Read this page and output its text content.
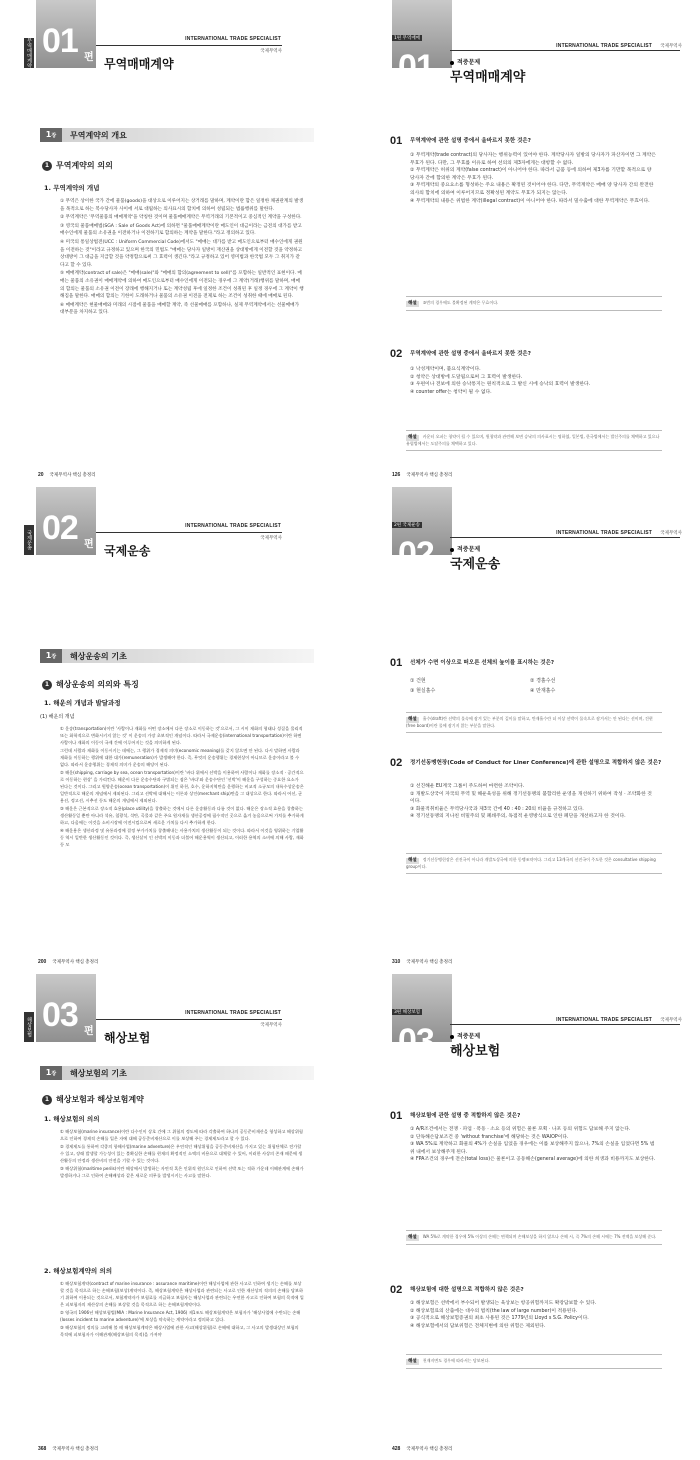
무역매매계약 01 편
INTERNATIONAL TRADE SPECIALIST
국제무역사
무역매매계약
1장	무역계약의 개요
1 무역계약의 의의
1. 무역계약의 개념

① 무역은 상이한 국가 간에 물품(goods)을 대상으로 이루어지는 상거래를 말하며, 계약이란 합은 일정한 채권관계의 발생을 목적으로 하는 복수당사자 사이에 서로 대립하는 의사표시의 합치에 의하여 성립되는 법률행위를 말한다.

② 무역계약은 '무역물품의 매매계약'을 약칭한 것이며 물품매매계약은 무역거래의 기본적이고 중심적인 계약을 구성한다.

③ 영국의 물품매매법(SGA : Sale of Goods Act)에 의하면 "물품매매계약이란 매도인이 대금이라는 금전의 대가를 받고 매수인에게 물품의 소유권을 이전하거나 이전하기로 합의하는 계약을 말한다."라고 정의하고 있다.

④ 미국의 통일상법전(UCC : Uniform Commercial Code)에서도 "매매는 대가를 받고 매도인으로부터 매수인에게 권원을 이전하는 것"이라고 규정하고 있으며 한국의 민법도 "매매는 당사자 일방이 재산권을 상대방에게 이전할 것을 약정하고 상대방이 그 대금을 지급할 것을 약정함으로써 그 효력이 생긴다."라고 규정하고 있어 영미법과 한국법 모두 그 취지가 같다고 할 수 있다.

⑤ 매매계약(contract of sale)은 "매매(sale)"와 "매매의 합의(agreement to sell)"를 포함하는 일반적인 표현이다. 매매는 물품의 소유권이 매매계약에 의하여 매도인으로부터 매수인에게 이전되는 경우에 그 계약(거래)행위를 말하며, 매매의 합의는 물품의 소유권 이전이 장래에 행해지거나 또는 계약성립 후에 일정한 조건이 성취된 후 일정 경우에 그 계약이 행해짐을 말한다. 매매의 합의는 기한이 도래하거나 물품의 소유권 이전을 전제로 하는 조건이 성취한 때에 매매로 된다.

⑥ 매매계약은 현물매매와 미래의 시점에 물품을 매매할 계약, 즉 선물매매를 포함하나, 실제 무역계약에서는 선물매매가 대부분을 차지하고 있다.

20 국제무역사 핵심 총정리
1편 무역매매
01 편
INTERNATIONAL TRADE SPECIALIST 국제무역사
적중문제
무역매매계약
01 무역계약에 관한 설명 중에서 올바르지 못한 것은?

① 무역계약(trade contract)의 당사자는 행위능력이 있어야 한다. 계약당사자 일방의 당사자가 파산자이면 그 계약은 무효가 된다. 다만, 그 무효를 이유로 하여 선의의 제3자에게는 대항할 수 없다.

② 무역계약은 허위의 계약(false contract)이 아니어야 한다. 따라서 금품 등에 의하여 제3자를 기만할 목적으로 양당사자 간에 합의한 계약은 무효가 된다.

③ 무역계약의 중요요소를 형성하는 주요 내용은 확정된 것이어야 한다. 다만, 무역계약은 매매 양 당사자 간의 완전한 의사의 합치에 의하여 이루어지므로 정확성된 계약도 무효가 되지는 않는다.

④ 무역계약의 내용은 위법한 계약(illegal contract)이 아니어야 한다. 따라서 밀수출에 대한 무역계약은 무효이다.

해설 ③번의 경우에도 불확정된 계약은 무효이다.
02 무역계약에 관한 설명 중에서 올바르지 못한 것은?

① 낙성계약이며, 불요식계약이다.

② 청약은 상대방에 도달됨으로써 그 효력이 발생한다.

③ 우편이나 전보에 의한 승낙통지는 원칙적으로 그 발신 시에 승낙의 효력이 발생한다.

④ counter offer는 청약이 될 수 없다.

해설 카운터 오퍼는 청약이 될 수 있으며, 원청약과 관련해 보면 승낙의 의사표시는 명하였, 일본법, 한국법에서는 발신주의를 채택하고 있으나 유럽법에서는 도달주의를 채택하고 있다.
126 국제무역사 핵심 총정리
국제운송 02 편
INTERNATIONAL TRADE SPECIALIST
국제무역사
국제운송
1장	해상운송의 기초
1 해상운송의 의의와 특징
1. 해운의 개념과 발달과정
(1) 해운의 개념

① 운송(transportation)이란 '사람이나 재화를 어떤 장소에서 다른 장소로 이동하는 것'으로서, 그 시이 재화의 형태나 성질을 물리적 또는 화학적으로 변화시키지 않는 것' 이 운송의 가장 초보적인 개념이다. 따라서 국제운송(international transportation)이란 하면 사람이나 재화의 이동이 국제 간에 이루어지는 것을 의미하게 된다.

그런데 사람과 재화를 이동시키는 데에는, 그 행위가 경제적 의미(economic meaning)를 갖지 않으면 안 된다. 다시 말하면 사람과 재화를 이동하는 행위에 대한 대가(remuneration)가 발생해야 한다. 즉, 무엇의 운송행위는 경제현상이 아니므로 운송이라고 볼 수 없다. 따라서 운송행위는 경제적 의미가 운송의 해당이 된다.

② 해운(shipping, carriage by sea, ocean transportation)이란 '바다 위에서 선박을 이용하여 사람이나 재화를 장소적 · 공간적으로 이동하는 현상' 을 가리킨다. 해운이 다른 운송수단과 구별되는 점은 '바다'와 운송수단인 '선박'이 해운을 구성하는 중요한 요소가 된다는 것이다. 그리고 원양운송(ocean transportation)이 위인 하천, 호수, 운하지역만을 운행하는 비교적 소규모의 내륙수상운송은 일반적으로 해운의 개념에서 제외된다. 그리고 선박에 대해서는 이론과 상인(merchant ship)만을 그 대상으로 한다. 따라서 어선, 군용선, 정고선, 시추선 등도 해운의 개념에서 제외된다.

③ 해운은 근본적으로 장소적 효용(place utility)을 창출하는 것에서 다른 운송활동과 다름 것이 없다. 해운은 장소적 효용을 창출하는 생산활동일 뿐만 아니라 석유, 철광석, 석탄, 곡물과 같은 주요 원자재를 생산공정에 필수적인 곳으로 옮겨 놓음으로써 가치를 추가하게 하고, 다음에는 이것을 소비시장에 이전시킴으로써 새로운 가치를 다시 추가하게 한다.

④ 해운용은 생산과정 및 유통과정에 결정 부가가치를 창출해내는 사용가치의 생산활동이 되는 것이다. 따라서 이것을 영위하는 기업활동 역시 일반한 생산활동인 것이다. 즉, 생산살이 인 선박의 이동과 더불어 해운용역이 생산되고, 이러한 용역의 소비에 의해 사람, 재화 등 모

200 국제무역사 핵심 총정리
2편 국제운송
02 편
INTERNATIONAL TRADE SPECIALIST 국제무역사
적중문제
국제운송
01 선체가 수면 이상으로 떠오른 선체의 높이를 표시하는 것은?
① 건현	② 경흘수선
③ 현실흘수	④ 만재흘수
해설 흘수(draft)란 선박의 물속에 잠겨 있는 부분의 깊이를 말하고, 만재흘수란 더 이상 선박이 물속으로 잠겨서는 안 된다는 선이며, 건현(free board)이란 물에 잠기지 않는 부분을 말한다.
02 정기선동맹헌장(Code of Conduct for Liner Conference)에 관한 설명으로 적합하지 않은 것은?

① 선진해운 EU계국 그룹이 주도하여 마련한 조약이다.

② 개발도상국이 자국의 무역 및 해운육성을 위해 정기선동맹의 불합리한 운영을 개선하기 위하여 작성 · 조약화한 것이다.

③ 화물적취비율은 무역당사국과 제3국 간에 40 : 40 : 20의 비율을 규정하고 있다.

④ 정기선동맹의 지나친 비밀주의 및 폐쇄주의, 독점적 운영방식으로 인한 폐단을 개선하고자 한 것이다.

해설 정기선동맹헌장은 선진국이 아니라 개발도상국에 의한 동맹조약이다. 그리고 13개국의 선진국이 주도한 것은 consultative shipping group이다.
310 국제무역사 핵심 총정리
해상보험 03 편
INTERNATIONAL TRADE SPECIALIST
국제무역사
해상보험
1장	해상보험의 기초
1 해상보험과 해상보험계약
1. 해상보험의 의의

① 해상보험(marine insurance)이란 다수인이 상호 간에 그 위험의 정도에 따라 각출하여 하나의 공동준비재산을 형성하고 해상위험으로 인하여 경제적 손해를 입은 자에 대해 공동준비재산으로 이를 보상해 주는 경제제도라고 할 수 있다.

② 경제제도를 통하여 각종의 항해사업(marine adventure)은 우연적인 해상위험을 공동준비재산을 가지고 있는 위험단체로 전가할 수 있고, 장래 발생할 가능성이 있는 불확실한 손해를 현재의 확정적인 소액의 비용으로 대체할 수 있어, 이러한 사상의 존재 때문에 생산활동의 안정과 생산비의 안전을 기할 수 있는 것이다.

③ 해상위험(maritime perils)이란 해상에서 발생하는 자연적 혹은 인위적 원인으로 인하여 선박 또는 적하 가운데 이해관계에 손해가 발생하거나 그로 인하여 손해배상과 같은 새로운 의무를 발생시키는 사고를 말한다.

2. 해상보험계약의 의의

① 해상보험계약(contract of marine insurance : assurance maritime)이란 해상사업에 관한 사고로 인하여 생기는 손해를 보상할 것을 목적으로 하는 손해보험(보상)계약이다. 즉, 해상보험계약은 해상사업과 관련되는 사고로 인한 재산상의 적의의 손해를 담보하기 위하여 이용되는 것으로서, 보험계약자가 보험료를 지급하고 보험자는 해상사업과 관련되는 우연한 사고로 인하여 보험의 목적에 입은 피보험자의 재산상의 손해를 보상할 것을 목적으로 하는 손해보험계약이다.

② 영국의 1906년 해상보험법(MIA : Marine Insurance Act, 1906) 제1조도 해상보험계약은 보험자가 '해상사업에 수반되는 손해(losses incident to marine adventure)'에 보상을 약속하는 계약이라고 정의하고 있다.

③ 해상보험의 정의를 고려해 볼 때 해상보험계약은 해상사업에 관한 사고(해상위험)로 손해에 대하고, 그 사고의 발생대상인 보험의 목적에 피보험자가 이해관계(해상보험의 목적)을 가져야

368 국제무역사 핵심 총정리
3편 해상보험
03 편
INTERNATIONAL TRADE SPECIALIST 국제무역사
적중문제
해상보험
01 해상보험에 관한 설명 중 적합하지 않은 것은?

① A/R조건에서는 전쟁 · 파업 · 폭동 · 소요 등의 위험은 물론 포획 · 나포 등의 위험도 담보해 주지 않는다.

② 단독해손담보조건 중 'without franchise'에 해당하는 것은 WAIOP이다.

③ WA 5%로 계약하고 화물의 4%가 손실을 입었을 경우에는 이를 보상해주지 않으나, 7%의 손실을 입었다면 5% 범위 내에서 보상해주게 된다.

④ FPA조건의 경우에 전손(total loss)은 물론이고 공동해손(general average)에 의한 희생과 비용까지도 보상한다.

해설 WA 5%로 계약한 경우에 5% 이상의 손해는 면책되며 손해보상을 하지 않으나 손해 시, 즉 7%의 손해 시에는 7% 전액을 보상해 준다.
02 해상보험에 대한 설명으로 적합하지 않은 것은?

① 해상보험은 선박에서 부수되어 발생되는 육상보는 항공위험까지도 확장담보할 수 있다.

② 해상보험료의 산출에는 대수의 법칙(the law of large number)이 적용된다.

③ 공식적으로 해상보험증권의 최초 사용된 것은 1779년의 Lloyd s S.G. Policy이다.

④ 해상보험에서의 담보위험은 전체지변에 의한 위험은 제외된다.

해설 천재지변도 경우에 따라서는 담보된다.
428 국제무역사 핵심 총정리
